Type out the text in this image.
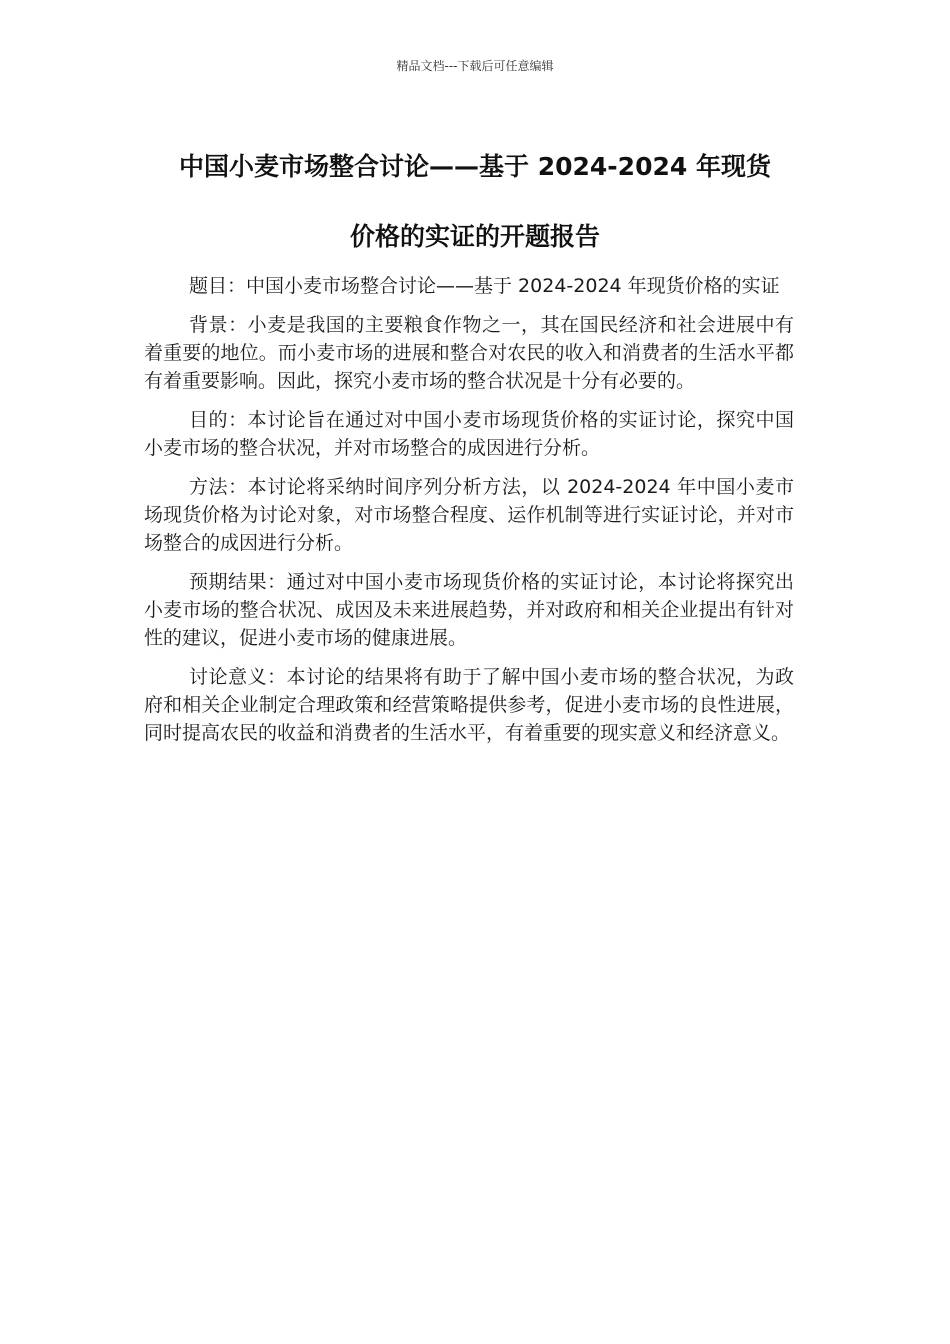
精品文档---下载后可任意编辑
中国小麦市场整合讨论——基于 2024-2024 年现货
价格的实证的开题报告

题目：中国小麦市场整合讨论——基于 2024-2024 年现货价格的实证

背景：小麦是我国的主要粮食作物之一，其在国民经济和社会进展中有着重要的地位。而小麦市场的进展和整合对农民的收入和消费者的生活水平都有着重要影响。因此，探究小麦市场的整合状况是十分有必要的。

目的：本讨论旨在通过对中国小麦市场现货价格的实证讨论，探究中国小麦市场的整合状况，并对市场整合的成因进行分析。

方法：本讨论将采纳时间序列分析方法，以 2024-2024 年中国小麦市场现货价格为讨论对象，对市场整合程度、运作机制等进行实证讨论，并对市场整合的成因进行分析。

预期结果：通过对中国小麦市场现货价格的实证讨论，本讨论将探究出小麦市场的整合状况、成因及未来进展趋势，并对政府和相关企业提出有针对性的建议，促进小麦市场的健康进展。

讨论意义：本讨论的结果将有助于了解中国小麦市场的整合状况，为政府和相关企业制定合理政策和经营策略提供参考，促进小麦市场的良性进展，同时提高农民的收益和消费者的生活水平，有着重要的现实意义和经济意义。
